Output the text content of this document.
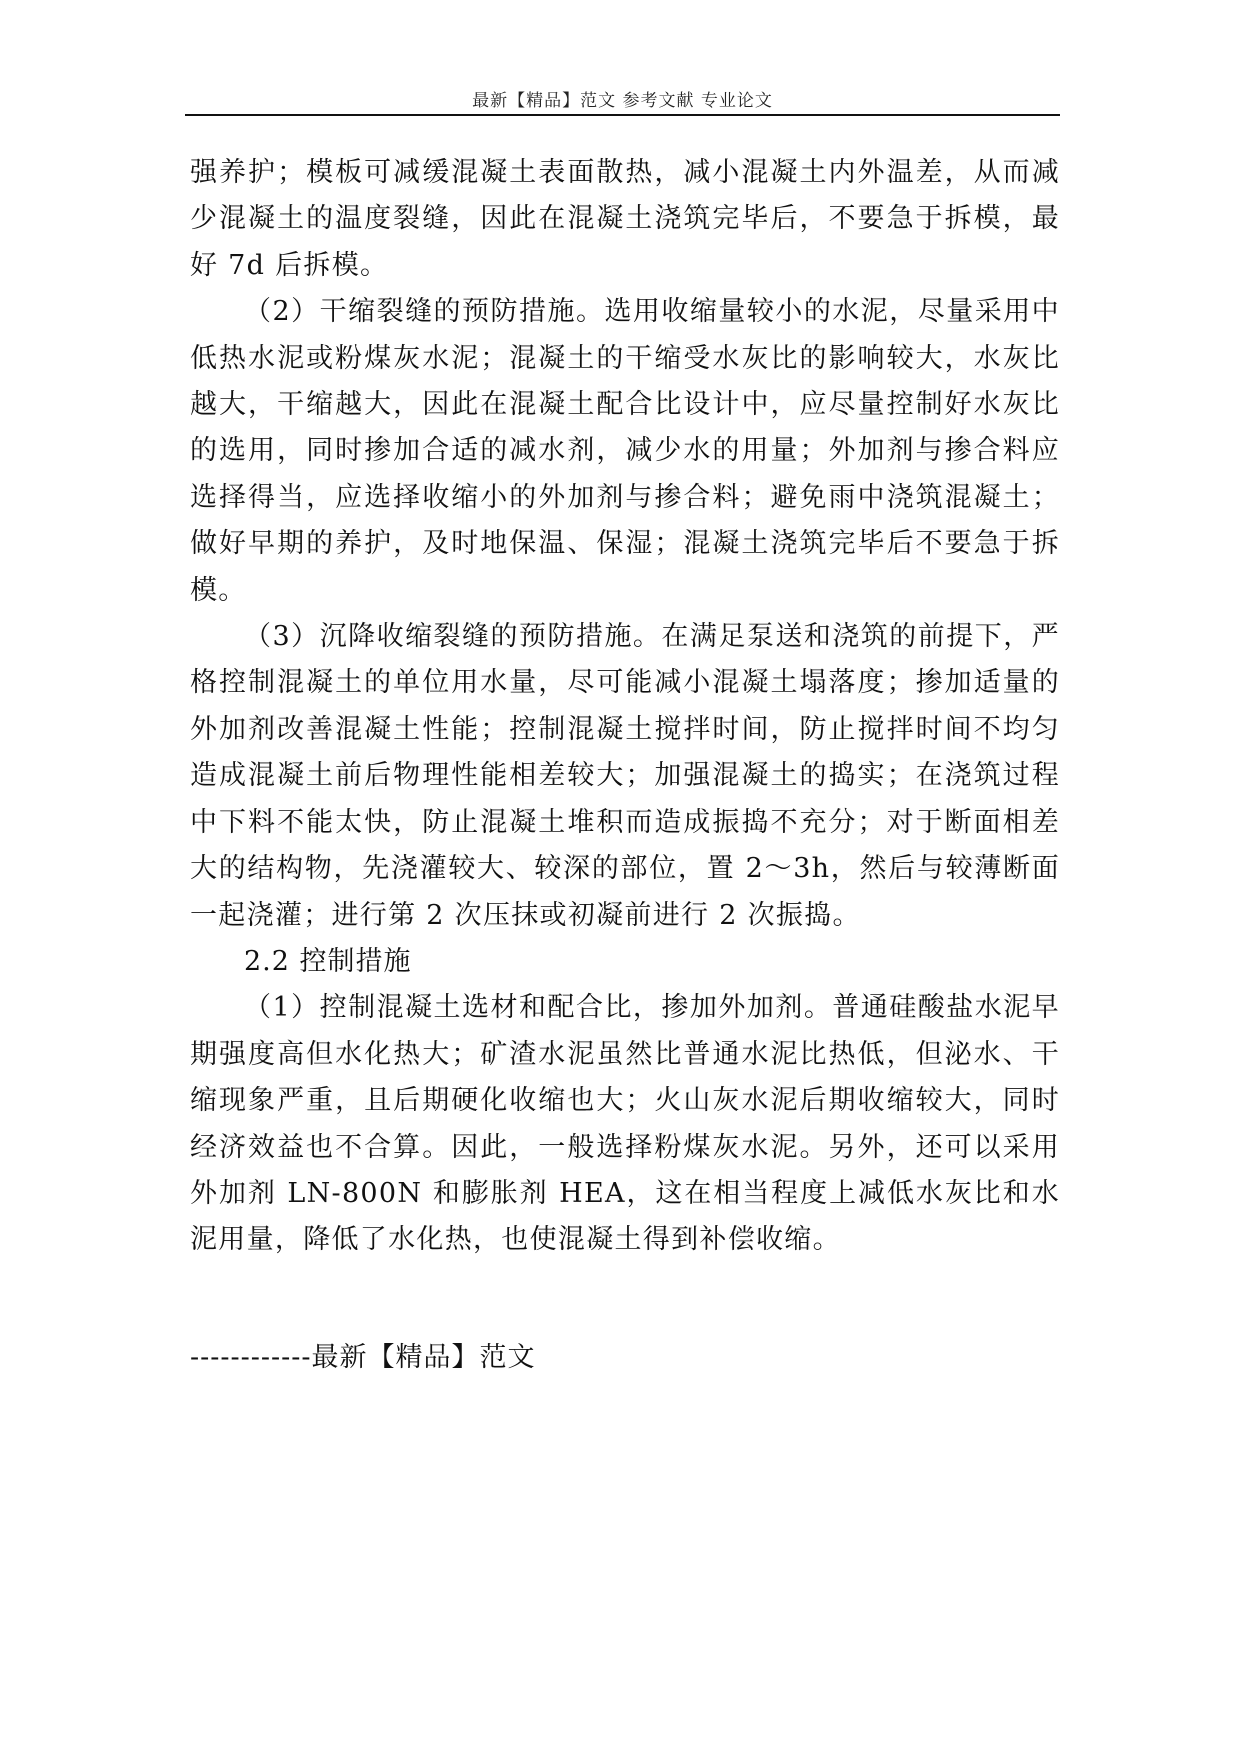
最新【精品】范文 参考文献 专业论文

强养护；模板可减缓混凝土表面散热，减小混凝土内外温差，从而减少混凝土的温度裂缝，因此在混凝土浇筑完毕后，不要急于拆模，最好 7d 后拆模。

（2）干缩裂缝的预防措施。选用收缩量较小的水泥，尽量采用中低热水泥或粉煤灰水泥；混凝土的干缩受水灰比的影响较大，水灰比越大，干缩越大，因此在混凝土配合比设计中，应尽量控制好水灰比的选用，同时掺加合适的减水剂，减少水的用量；外加剂与掺合料应选择得当，应选择收缩小的外加剂与掺合料；避免雨中浇筑混凝土；做好早期的养护，及时地保温、保湿；混凝土浇筑完毕后不要急于拆模。

（3）沉降收缩裂缝的预防措施。在满足泵送和浇筑的前提下，严格控制混凝土的单位用水量，尽可能减小混凝土塌落度；掺加适量的外加剂改善混凝土性能；控制混凝土搅拌时间，防止搅拌时间不均匀造成混凝土前后物理性能相差较大；加强混凝土的捣实；在浇筑过程中下料不能太快，防止混凝土堆积而造成振捣不充分；对于断面相差大的结构物，先浇灌较大、较深的部位，置 2～3h，然后与较薄断面一起浇灌；进行第 2 次压抹或初凝前进行 2 次振捣。

2.2 控制措施

（1）控制混凝土选材和配合比，掺加外加剂。普通硅酸盐水泥早期强度高但水化热大；矿渣水泥虽然比普通水泥比热低，但泌水、干缩现象严重，且后期硬化收缩也大；火山灰水泥后期收缩较大，同时经济效益也不合算。因此，一般选择粉煤灰水泥。另外，还可以采用外加剂 LN-800N 和膨胀剂 HEA，这在相当程度上减低水灰比和水泥用量，降低了水化热，也使混凝土得到补偿收缩。

------------最新【精品】范文
